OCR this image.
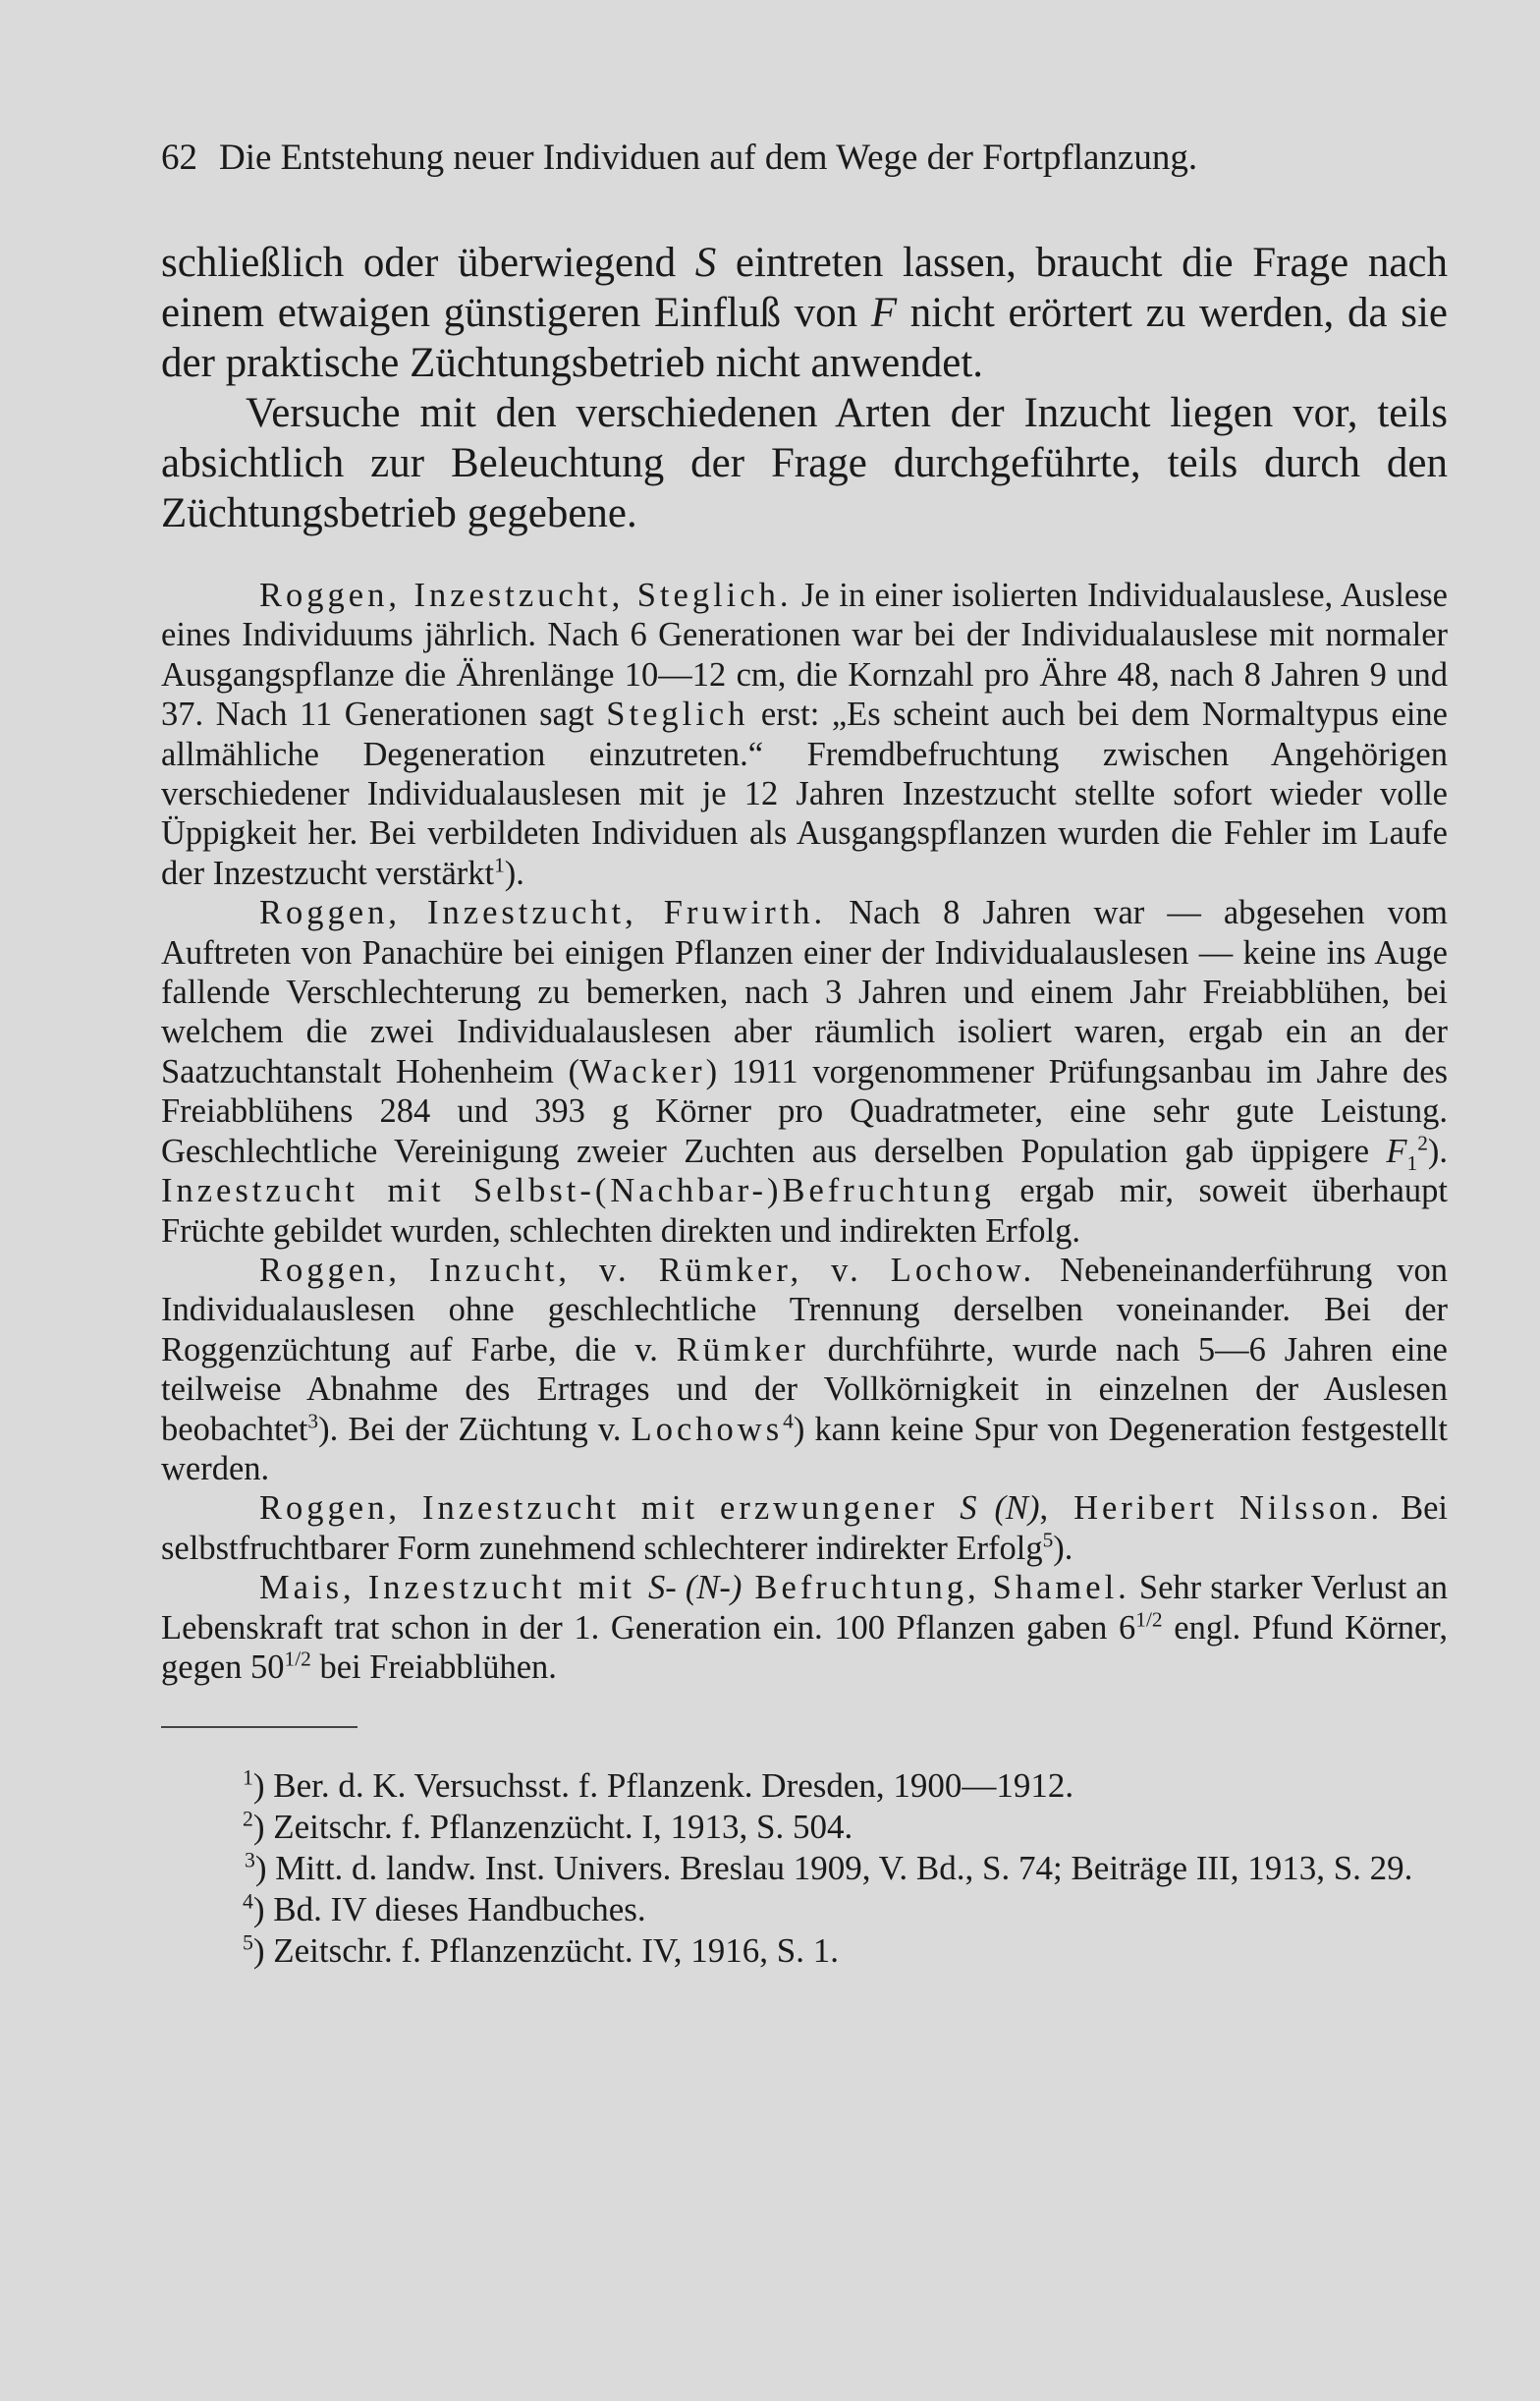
62 Die Entstehung neuer Individuen auf dem Wege der Fortpflanzung.

schließlich oder überwiegend S eintreten lassen, braucht die Frage nach einem etwaigen günstigeren Einfluß von F nicht erörtert zu werden, da sie der praktische Züchtungsbetrieb nicht anwendet.

Versuche mit den verschiedenen Arten der Inzucht liegen vor, teils absichtlich zur Beleuchtung der Frage durchgeführte, teils durch den Züchtungsbetrieb gegebene.

Roggen, Inzestzucht, Steglich. Je in einer isolierten Individualauslese, Auslese eines Individuums jährlich. Nach 6 Generationen war bei der Individualauslese mit normaler Ausgangspflanze die Ährenlänge 10—12 cm, die Kornzahl pro Ähre 48, nach 8 Jahren 9 und 37. Nach 11 Generationen sagt Steglich erst: „Es scheint auch bei dem Normaltypus eine allmähliche Degeneration einzutreten.“ Fremdbefruchtung zwischen Angehörigen verschiedener Individualauslesen mit je 12 Jahren Inzestzucht stellte sofort wieder volle Üppigkeit her. Bei verbildeten Individuen als Ausgangspflanzen wurden die Fehler im Laufe der Inzestzucht verstärkt$^1$).

Roggen, Inzestzucht, Fruwirth. Nach 8 Jahren war — abgesehen vom Auftreten von Panachüre bei einigen Pflanzen einer der Individualauslesen — keine ins Auge fallende Verschlechterung zu bemerken, nach 3 Jahren und einem Jahr Freiabblühen, bei welchem die zwei Individualauslesen aber räumlich isoliert waren, ergab ein an der Saatzuchtanstalt Hohenheim (Wacker) 1911 vorgenommener Prüfungsanbau im Jahre des Freiabblühens 284 und 393 g Körner pro Quadratmeter, eine sehr gute Leistung. Geschlechtliche Vereinigung zweier Zuchten aus derselben Population gab üppigere $F_1^2$). Inzestzucht mit Selbst-(Nachbar-)Befruchtung ergab mir, soweit überhaupt Früchte gebildet wurden, schlechten direkten und indirekten Erfolg.

Roggen, Inzucht, v. Rümker, v. Lochow. Nebeneinanderführung von Individualauslesen ohne geschlechtliche Trennung derselben voneinander. Bei der Roggenzüchtung auf Farbe, die v. Rümker durchführte, wurde nach 5—6 Jahren eine teilweise Abnahme des Ertrages und der Vollkörnigkeit in einzelnen der Auslesen beobachtet$^3$). Bei der Züchtung v. Lochows$^4$) kann keine Spur von Degeneration festgestellt werden.

Roggen, Inzestzucht mit erzwungener S (N), Heribert Nilsson. Bei selbstfruchtbarer Form zunehmend schlechterer indirekter Erfolg$^5$).

Mais, Inzestzucht mit S- (N-) Befruchtung, Shamel. Sehr starker Verlust an Lebenskraft trat schon in der 1. Generation ein. 100 Pflanzen gaben $6^{1/2}$ engl. Pfund Körner, gegen $50^{1/2}$ bei Freiabblühen.

$^1$) Ber. d. K. Versuchsst. f. Pflanzenk. Dresden, 1900—1912.

$^2$) Zeitschr. f. Pflanzenzücht. I, 1913, S. 504.

$^3$) Mitt. d. landw. Inst. Univers. Breslau 1909, V. Bd., S. 74; Beiträge III, 1913, S. 29.

$^4$) Bd. IV dieses Handbuches.

$^5$) Zeitschr. f. Pflanzenzücht. IV, 1916, S. 1.
